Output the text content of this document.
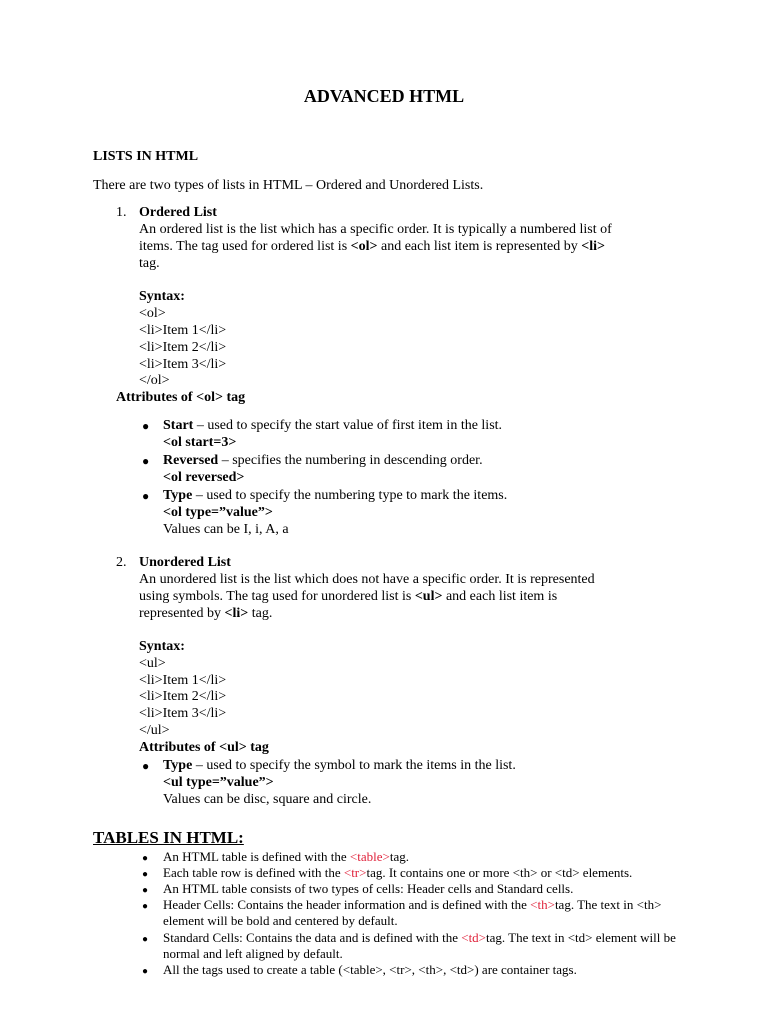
ADVANCED HTML
LISTS IN HTML
There are two types of lists in HTML – Ordered and Unordered Lists.
1. Ordered List
An ordered list is the list which has a specific order. It is typically a numbered list of
items. The tag used for ordered list is <ol> and each list item is represented by <li>
tag.
Syntax:
<ol>
<li>Item 1</li>
<li>Item 2</li>
<li>Item 3</li>
</ol>
Attributes of <ol> tag
● Start – used to specify the start value of first item in the list.
<ol start=3>
● Reversed – specifies the numbering in descending order.
<ol reversed>
● Type – used to specify the numbering type to mark the items.
<ol type=”value”>
Values can be I, i, A, a
2. Unordered List
An unordered list is the list which does not have a specific order. It is represented
using symbols. The tag used for unordered list is <ul> and each list item is
represented by <li> tag.
Syntax:
<ul>
<li>Item 1</li>
<li>Item 2</li>
<li>Item 3</li>
</ul>
Attributes of <ul> tag
● Type – used to specify the symbol to mark the items in the list.
<ul type=”value”>
Values can be disc, square and circle.
TABLES IN HTML:
● An HTML table is defined with the <table>tag.
● Each table row is defined with the <tr>tag. It contains one or more <th> or <td> elements.
● An HTML table consists of two types of cells: Header cells and Standard cells.
● Header Cells: Contains the header information and is defined with the <th>tag. The text in <th>
element will be bold and centered by default.
● Standard Cells: Contains the data and is defined with the <td>tag. The text in <td> element will be
normal and left aligned by default.
● All the tags used to create a table (<table>, <tr>, <th>, <td>) are container tags.
